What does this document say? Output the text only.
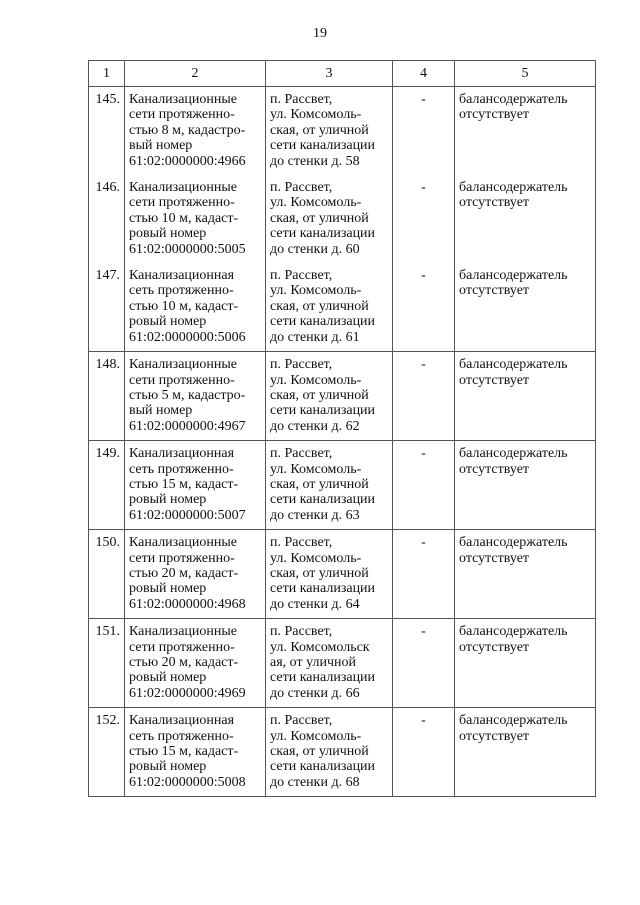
19
1	2	3	4	5
145.	Канализационные
сети протяженно-
стью 8 м, кадастро-
вый номер
61:02:0000000:4966	п. Рассвет,
ул. Комсомоль-
ская, от уличной
сети канализации
до стенки д. 58	-	балансодержатель
отсутствует

146.	Канализационные
сети протяженно-
стью 10 м, кадаст-
ровый номер
61:02:0000000:5005	п. Рассвет,
ул. Комсомоль-
ская, от уличной
сети канализации
до стенки д. 60	-	балансодержатель
отсутствует

147.	Канализационная
сеть протяженно-
стью 10 м, кадаст-
ровый номер
61:02:0000000:5006	п. Рассвет,
ул. Комсомоль-
ская, от уличной
сети канализации
до стенки д. 61	-	балансодержатель
отсутствует

148.	Канализационные
сети протяженно-
стью 5 м, кадастро-
вый номер
61:02:0000000:4967	п. Рассвет,
ул. Комсомоль-
ская, от уличной
сети канализации
до стенки д. 62	-	балансодержатель
отсутствует

149.	Канализационная
сеть протяженно-
стью 15 м, кадаст-
ровый номер
61:02:0000000:5007	п. Рассвет,
ул. Комсомоль-
ская, от уличной
сети канализации
до стенки д. 63	-	балансодержатель
отсутствует

150.	Канализационные
сети протяженно-
стью 20 м, кадаст-
ровый номер
61:02:0000000:4968	п. Рассвет,
ул. Комсомоль-
ская, от уличной
сети канализации
до стенки д. 64	-	балансодержатель
отсутствует

151.	Канализационные
сети протяженно-
стью 20 м, кадаст-
ровый номер
61:02:0000000:4969	п. Рассвет,
ул. Комсомольск
ая, от уличной
сети канализации
до стенки д. 66	-	балансодержатель
отсутствует

152.	Канализационная
сеть протяженно-
стью 15 м, кадаст-
ровый номер
61:02:0000000:5008	п. Рассвет,
ул. Комсомоль-
ская, от уличной
сети канализации
до стенки д. 68	-	балансодержатель
отсутствует
